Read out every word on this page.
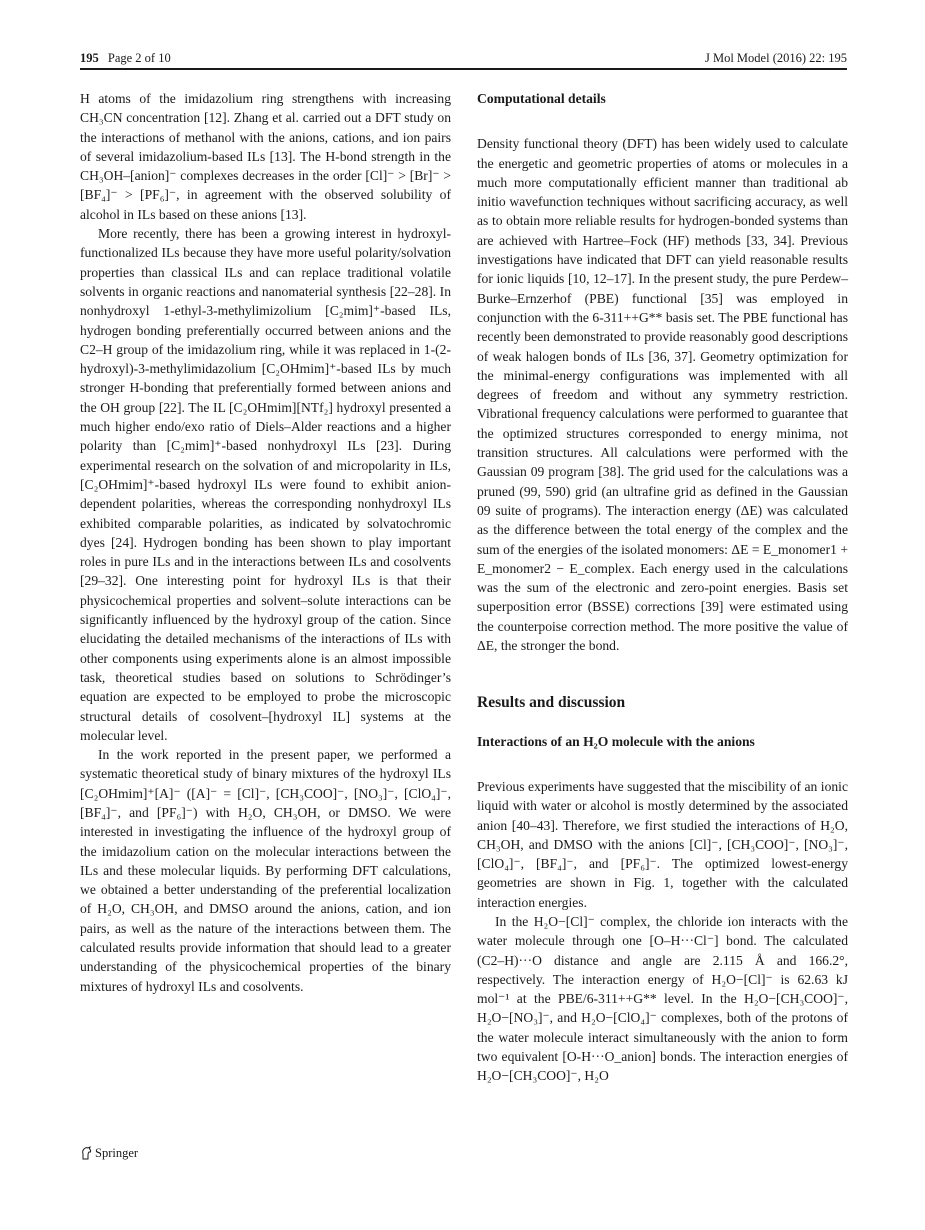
195 Page 2 of 10	J Mol Model (2016) 22: 195

H atoms of the imidazolium ring strengthens with increasing CH₃CN concentration [12]. Zhang et al. carried out a DFT study on the interactions of methanol with the anions, cations, and ion pairs of several imidazolium-based ILs [13]. The H-bond strength in the CH₃OH–[anion]⁻ complexes decreases in the order [Cl]⁻ > [Br]⁻ > [BF₄]⁻ > [PF₆]⁻, in agreement with the observed solubility of alcohol in ILs based on these anions [13].

More recently, there has been a growing interest in hydroxyl-functionalized ILs because they have more useful polarity/solvation properties than classical ILs and can replace traditional volatile solvents in organic reactions and nanomaterial synthesis [22–28]. In nonhydroxyl 1-ethyl-3-methylimizolium [C₂mim]⁺-based ILs, hydrogen bonding preferentially occurred between anions and the C2–H group of the imidazolium ring, while it was replaced in 1-(2-hydroxyl)-3-methylimidazolium [C₂OHmim]⁺-based ILs by much stronger H-bonding that preferentially formed between anions and the OH group [22]. The IL [C₂OHmim][NTf₂] hydroxyl presented a much higher endo/exo ratio of Diels–Alder reactions and a higher polarity than [C₂mim]⁺-based nonhydroxyl ILs [23]. During experimental research on the solvation of and micropolarity in ILs, [C₂OHmim]⁺-based hydroxyl ILs were found to exhibit anion-dependent polarities, whereas the corresponding nonhydroxyl ILs exhibited comparable polarities, as indicated by solvatochromic dyes [24]. Hydrogen bonding has been shown to play important roles in pure ILs and in the interactions between ILs and cosolvents [29–32]. One interesting point for hydroxyl ILs is that their physicochemical properties and solvent–solute interactions can be significantly influenced by the hydroxyl group of the cation. Since elucidating the detailed mechanisms of the interactions of ILs with other components using experiments alone is an almost impossible task, theoretical studies based on solutions to Schrödinger’s equation are expected to be employed to probe the microscopic structural details of cosolvent–[hydroxyl IL] systems at the molecular level.

In the work reported in the present paper, we performed a systematic theoretical study of binary mixtures of the hydroxyl ILs [C₂OHmim]⁺[A]⁻ ([A]⁻ = [Cl]⁻, [CH₃COO]⁻, [NO₃]⁻, [ClO₄]⁻, [BF₄]⁻, and [PF₆]⁻) with H₂O, CH₃OH, or DMSO. We were interested in investigating the influence of the hydroxyl group of the imidazolium cation on the molecular interactions between the ILs and these molecular liquids. By performing DFT calculations, we obtained a better understanding of the preferential localization of H₂O, CH₃OH, and DMSO around the anions, cation, and ion pairs, as well as the nature of the interactions between them. The calculated results provide information that should lead to a greater understanding of the physicochemical properties of the binary mixtures of hydroxyl ILs and cosolvents.

Computational details

Density functional theory (DFT) has been widely used to calculate the energetic and geometric properties of atoms or molecules in a much more computationally efficient manner than traditional ab initio wavefunction techniques without sacrificing accuracy, as well as to obtain more reliable results for hydrogen-bonded systems than are achieved with Hartree–Fock (HF) methods [33, 34]. Previous investigations have indicated that DFT can yield reasonable results for ionic liquids [10, 12–17]. In the present study, the pure Perdew–Burke–Ernzerhof (PBE) functional [35] was employed in conjunction with the 6-311++G** basis set. The PBE functional has recently been demonstrated to provide reasonably good descriptions of weak halogen bonds of ILs [36, 37]. Geometry optimization for the minimal-energy configurations was implemented with all degrees of freedom and without any symmetry restriction. Vibrational frequency calculations were performed to guarantee that the optimized structures corresponded to energy minima, not transition structures. All calculations were performed with the Gaussian 09 program [38]. The grid used for the calculations was a pruned (99, 590) grid (an ultrafine grid as defined in the Gaussian 09 suite of programs). The interaction energy (ΔE) was calculated as the difference between the total energy of the complex and the sum of the energies of the isolated monomers: ΔE = E_monomer1 + E_monomer2 − E_complex. Each energy used in the calculations was the sum of the electronic and zero-point energies. Basis set superposition error (BSSE) corrections [39] were estimated using the counterpoise correction method. The more positive the value of ΔE, the stronger the bond.

Results and discussion

Interactions of an H₂O molecule with the anions

Previous experiments have suggested that the miscibility of an ionic liquid with water or alcohol is mostly determined by the associated anion [40–43]. Therefore, we first studied the interactions of H₂O, CH₃OH, and DMSO with the anions [Cl]⁻, [CH₃COO]⁻, [NO₃]⁻, [ClO₄]⁻, [BF₄]⁻, and [PF₆]⁻. The optimized lowest-energy geometries are shown in Fig. 1, together with the calculated interaction energies.

In the H₂O−[Cl]⁻ complex, the chloride ion interacts with the water molecule through one [O–H···Cl⁻] bond. The calculated (C2–H)···O distance and angle are 2.115 Å and 166.2°, respectively. The interaction energy of H₂O−[Cl]⁻ is 62.63 kJ mol⁻¹ at the PBE/6-311++G** level. In the H₂O−[CH₃COO]⁻, H₂O−[NO₃]⁻, and H₂O−[ClO₄]⁻ complexes, both of the protons of the water molecule interact simultaneously with the anion to form two equivalent [O-H···O_anion] bonds. The interaction energies of H₂O−[CH₃COO]⁻, H₂O

Springer
